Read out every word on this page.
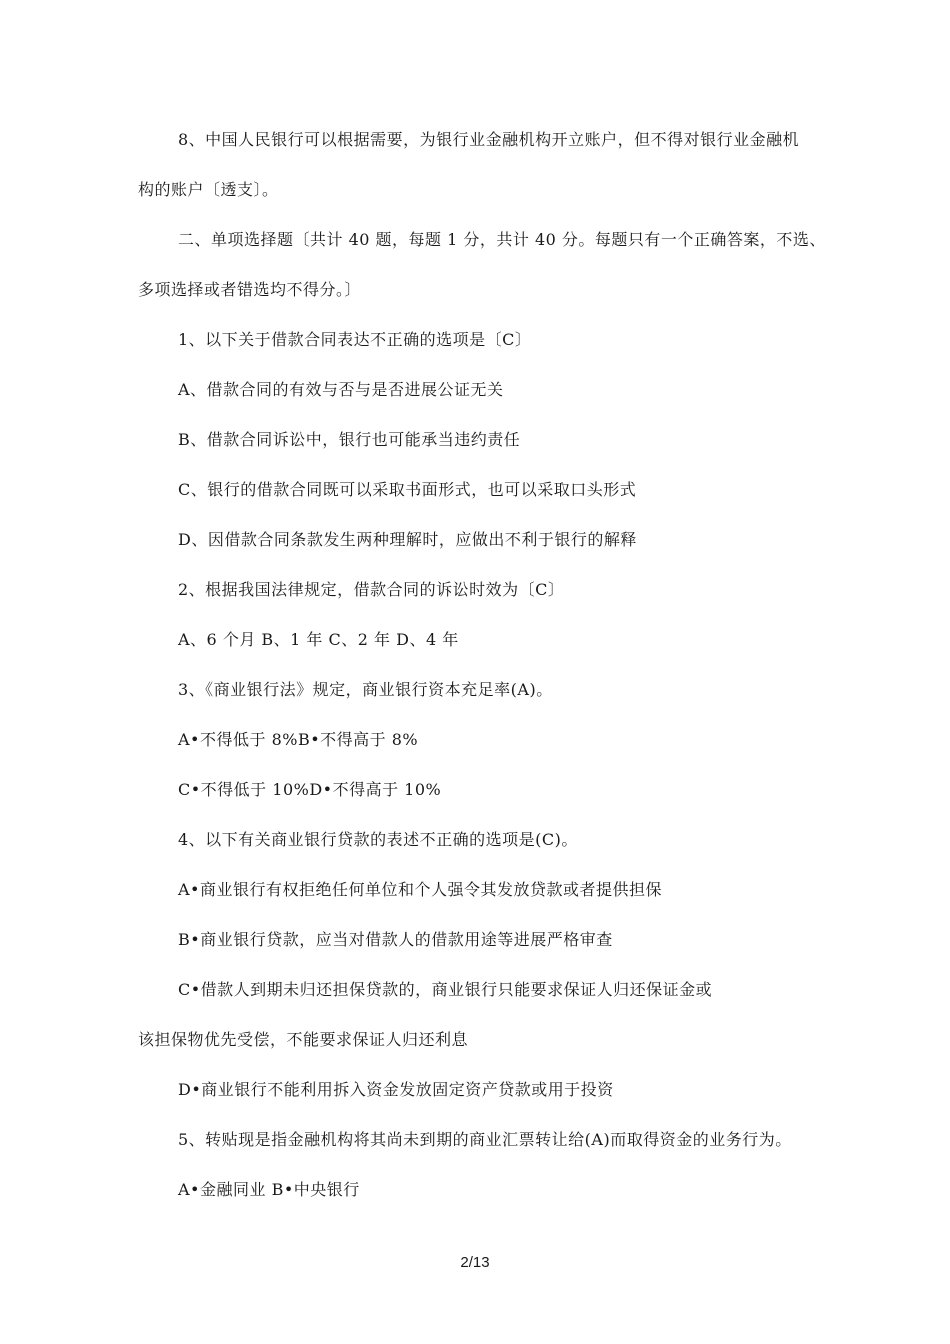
8、中国人民银行可以根据需要，为银行业金融机构开立账户，但不得对银行业金融机
构的账户〔透支〕。
二、单项选择题〔共计 40 题，每题 1 分，共计 40 分。每题只有一个正确答案，不选、
多项选择或者错选均不得分。〕
1、以下关于借款合同表达不正确的选项是〔C〕
A、借款合同的有效与否与是否进展公证无关
B、借款合同诉讼中，银行也可能承当违约责任
C、银行的借款合同既可以采取书面形式，也可以采取口头形式
D、因借款合同条款发生两种理解时，应做出不利于银行的解释
2、根据我国法律规定，借款合同的诉讼时效为〔C〕
A、6 个月 B、1 年 C、2 年 D、4 年
3、《商业银行法》规定，商业银行资本充足率(A)。
A•不得低于 8%B•不得高于 8%
C•不得低于 10%D•不得高于 10%
4、以下有关商业银行贷款的表述不正确的选项是(C)。
A•商业银行有权拒绝任何单位和个人强令其发放贷款或者提供担保
B•商业银行贷款，应当对借款人的借款用途等进展严格审查
C•借款人到期未归还担保贷款的，商业银行只能要求保证人归还保证金或
该担保物优先受偿，不能要求保证人归还利息
D•商业银行不能利用拆入资金发放固定资产贷款或用于投资
5、转贴现是指金融机构将其尚未到期的商业汇票转让给(A)而取得资金的业务行为。
A•金融同业 B•中央银行
2/13
